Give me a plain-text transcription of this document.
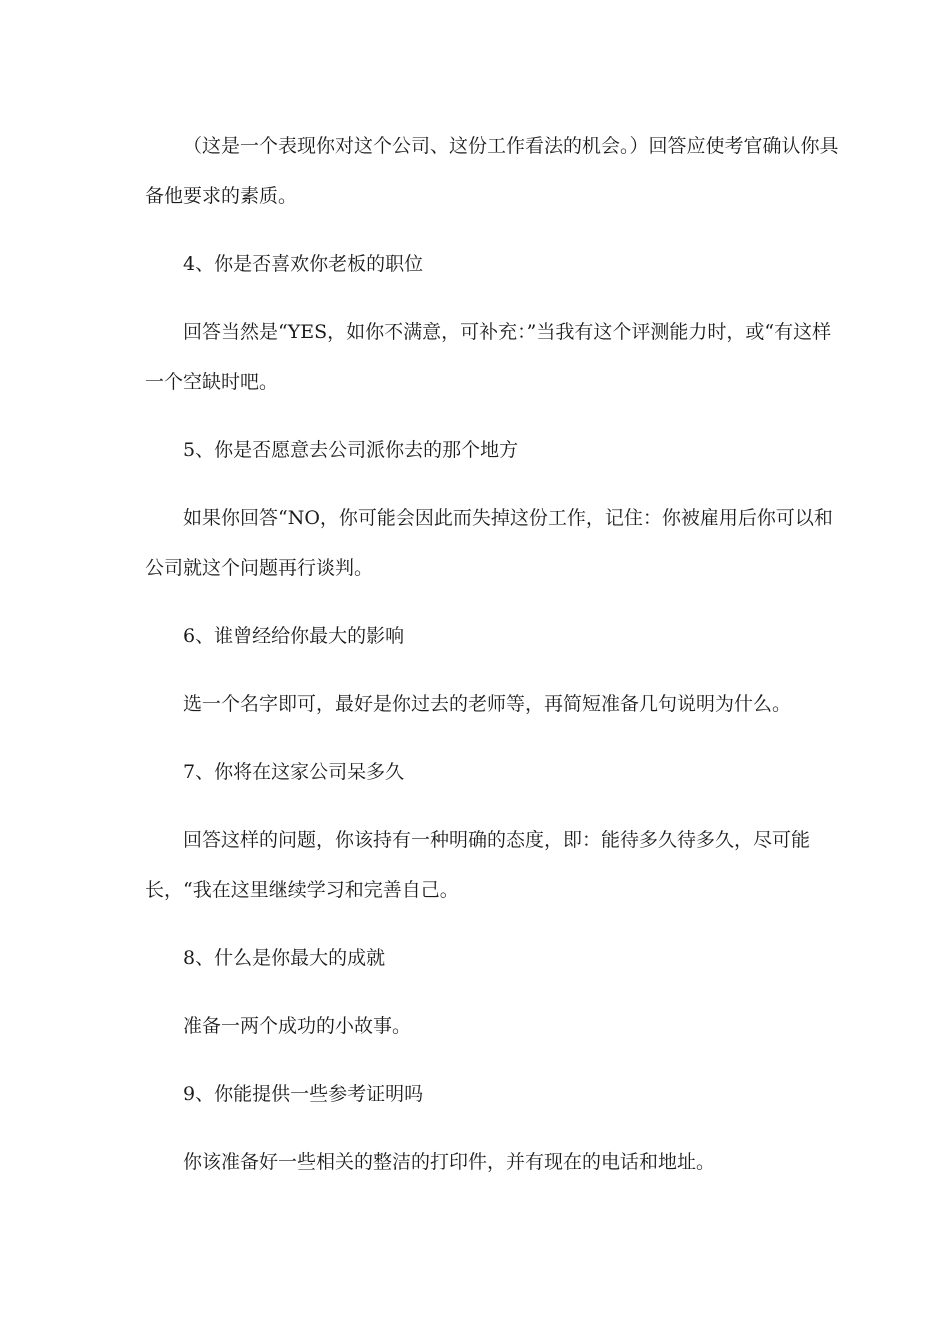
（这是一个表现你对这个公司、这份工作看法的机会。）回答应使考官确认你具备他要求的素质。

4、你是否喜欢你老板的职位

回答当然是“YES，如你不满意，可补充：”当我有这个评测能力时，或“有这样一个空缺时吧。

5、你是否愿意去公司派你去的那个地方

如果你回答“NO，你可能会因此而失掉这份工作，记住：你被雇用后你可以和公司就这个问题再行谈判。

6、谁曾经给你最大的影响

选一个名字即可，最好是你过去的老师等，再简短准备几句说明为什么。

7、你将在这家公司呆多久

回答这样的问题，你该持有一种明确的态度，即：能待多久待多久，尽可能长，“我在这里继续学习和完善自己。

8、什么是你最大的成就

准备一两个成功的小故事。

9、你能提供一些参考证明吗

你该准备好一些相关的整洁的打印件，并有现在的电话和地址。
